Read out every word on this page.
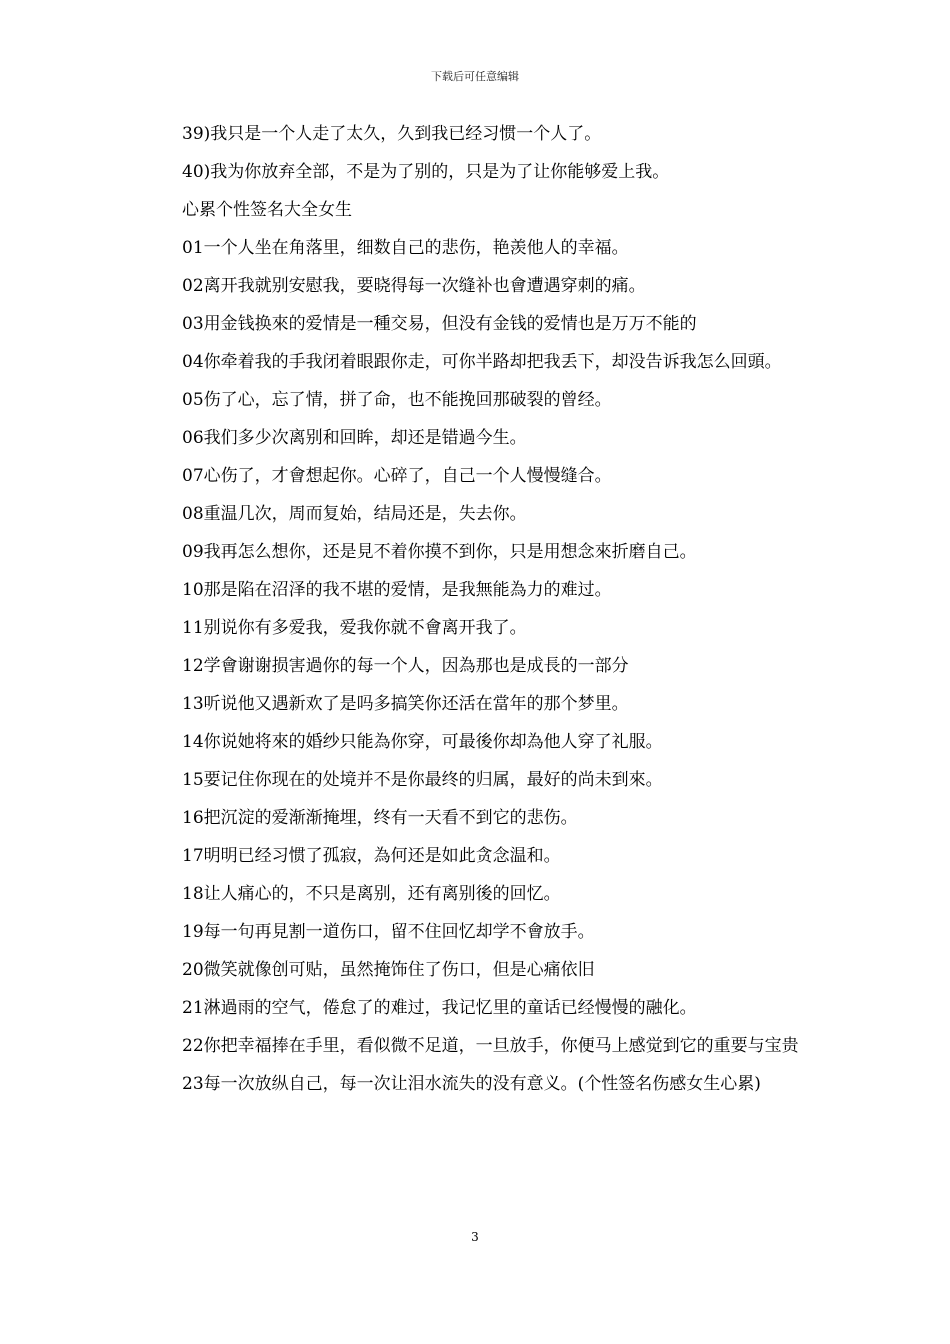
下载后可任意编辑

39)我只是一个人走了太久，久到我已经习惯一个人了。

40)我为你放弃全部，不是为了别的，只是为了让你能够爱上我。

心累个性签名大全女生

01一个人坐在角落里，细数自己的悲伤，艳羡他人的幸福。

02离开我就别安慰我，要晓得每一次缝补也會遭遇穿刺的痛。

03用金钱换來的爱情是一種交易，但没有金钱的爱情也是万万不能的

04你牵着我的手我闭着眼跟你走，可你半路却把我丢下，却没告诉我怎么回頭。

05伤了心，忘了情，拼了命，也不能挽回那破裂的曾经。

06我们多少次离别和回眸，却还是错過今生。

07心伤了，才會想起你。心碎了，自己一个人慢慢缝合。

08重温几次，周而复始，结局还是，失去你。

09我再怎么想你，还是見不着你摸不到你，只是用想念來折磨自己。

10那是陷在沼泽的我不堪的爱情，是我無能為力的难过。

11别说你有多爱我，爱我你就不會离开我了。

12学會谢谢损害過你的每一个人，因為那也是成長的一部分

13听说他又遇新欢了是吗多搞笑你还活在當年的那个梦里。

14你说她将來的婚纱只能為你穿，可最後你却為他人穿了礼服。

15要记住你现在的处境并不是你最终的归属，最好的尚未到來。

16把沉淀的爱渐渐掩埋，终有一天看不到它的悲伤。

17明明已经习惯了孤寂，為何还是如此贪念温和。

18让人痛心的，不只是离别，还有离别後的回忆。

19每一句再見割一道伤口，留不住回忆却学不會放手。

20微笑就像创可贴，虽然掩饰住了伤口，但是心痛依旧

21淋過雨的空气，倦怠了的难过，我记忆里的童话已经慢慢的融化。

22你把幸福捧在手里，看似微不足道，一旦放手，你便马上感觉到它的重要与宝贵

23每一次放纵自己，每一次让泪水流失的没有意义。(个性签名伤感女生心累)

3
